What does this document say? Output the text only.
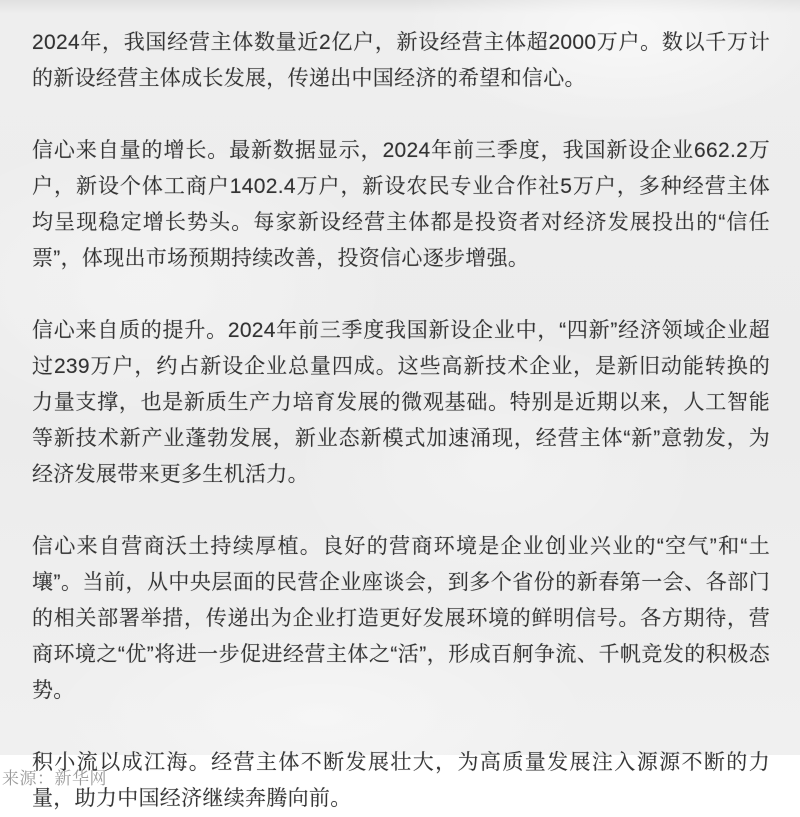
2024年，我国经营主体数量近2亿户，新设经营主体超2000万户。数以千万计的新设经营主体成长发展，传递出中国经济的希望和信心。

信心来自量的增长。最新数据显示，2024年前三季度，我国新设企业662.2万户，新设个体工商户1402.4万户，新设农民专业合作社5万户，多种经营主体均呈现稳定增长势头。每家新设经营主体都是投资者对经济发展投出的“信任票”，体现出市场预期持续改善，投资信心逐步增强。

信心来自质的提升。2024年前三季度我国新设企业中，“四新”经济领域企业超过239万户，约占新设企业总量四成。这些高新技术企业，是新旧动能转换的力量支撑，也是新质生产力培育发展的微观基础。特别是近期以来，人工智能等新技术新产业蓬勃发展，新业态新模式加速涌现，经营主体“新”意勃发，为经济发展带来更多生机活力。

信心来自营商沃土持续厚植。良好的营商环境是企业创业兴业的“空气”和“土壤”。当前，从中央层面的民营企业座谈会，到多个省份的新春第一会、各部门的相关部署举措，传递出为企业打造更好发展环境的鲜明信号。各方期待，营商环境之“优”将进一步促进经营主体之“活”，形成百舸争流、千帆竞发的积极态势。

积小流以成江海。经营主体不断发展壮大，为高质量发展注入源源不断的力量，助力中国经济继续奔腾向前。

来源：新华网
